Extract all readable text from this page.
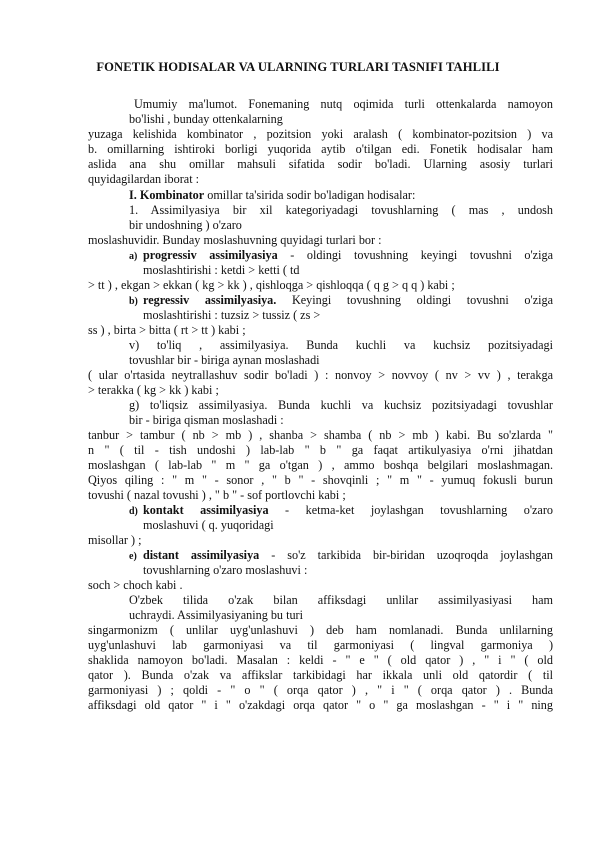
FONETIK HODISALAR VA ULARNING TURLARI TASNIFI TAHLILI
Umumiy ma'lumot. Fonemaning nutq oqimida turli ottenkalarda namoyon
bo'lishi , bunday ottenkalarning
yuzaga kelishida kombinator , pozitsion yoki aralash ( kombinator-pozitsion ) va
b. omillarning ishtiroki borligi yuqorida aytib o'tilgan edi. Fonetik hodisalar ham
aslida ana shu omillar mahsuli sifatida sodir bo'ladi. Ularning asosiy turlari
quyidagilardan iborat :
I. Kombinator omillar ta'sirida sodir bo'ladigan hodisalar:
1. Assimilyasiya bir xil kategoriyadagi tovushlarning ( mas , undosh
bir undoshning ) o'zaro
moslashuvidir. Bunday moslashuvning quyidagi turlari bor :
a) progressiv assimilyasiya - oldingi tovushning keyingi tovushni o'ziga
moslashtirishi : ketdi > ketti ( td
> tt ) , ekgan > ekkan ( kg > kk ) , qishloqga > qishloqqa ( q g > q q ) kabi ;
b) regressiv assimilyasiya. Keyingi tovushning oldingi tovushni o'ziga
moslashtirishi : tuzsiz > tussiz ( zs >
ss ) , birta > bitta ( rt > tt ) kabi ;
v) to'liq , assimilyasiya. Bunda kuchli va kuchsiz pozitsiyadagi
tovushlar bir - biriga aynan moslashadi
( ular o'rtasida neytrallashuv sodir bo'ladi ) : nonvoy > novvoy ( nv > vv ) , terakga
> terakka ( kg > kk ) kabi ;
g) to'liqsiz assimilyasiya. Bunda kuchli va kuchsiz pozitsiyadagi tovushlar
bir - biriga qisman moslashadi :
tanbur > tambur ( nb > mb ) , shanba > shamba ( nb > mb ) kabi. Bu so'zlarda "
n " ( til - tish undoshi ) lab-lab " b " ga faqat artikulyasiya o'rni jihatdan
moslashgan ( lab-lab " m " ga o'tgan ) , ammo boshqa belgilari moslashmagan.
Qiyos qiling : " m " - sonor , " b " - shovqinli ; " m " - yumuq fokusli burun
tovushi ( nazal tovushi ) , " b " - sof portlovchi kabi ;
d) kontakt assimilyasiya - ketma-ket joylashgan tovushlarning o'zaro
moslashuvi ( q. yuqoridagi
misollar ) ;
e) distant assimilyasiya - so'z tarkibida bir-biridan uzoqroqda joylashgan
tovushlarning o'zaro moslashuvi :
soch > choch kabi .
O'zbek tilida o'zak bilan affiksdagi unlilar assimilyasiyasi ham
uchraydi. Assimilyasiyaning bu turi
singarmonizm ( unlilar uyg'unlashuvi ) deb ham nomlanadi. Bunda unlilarning
uyg'unlashuvi lab garmoniyasi va til garmoniyasi ( lingval garmoniya )
shaklida namoyon bo'ladi. Masalan : keldi - " e " ( old qator ) , " i " ( old
qator ). Bunda o'zak va affikslar tarkibidagi har ikkala unli old qatordir ( til
garmoniyasi ) ; qoldi - " o " ( orqa qator ) , " i " ( orqa qator ) . Bunda
affiksdagi old qator " i " o'zakdagi orqa qator " o " ga moslashgan - " i " ning
